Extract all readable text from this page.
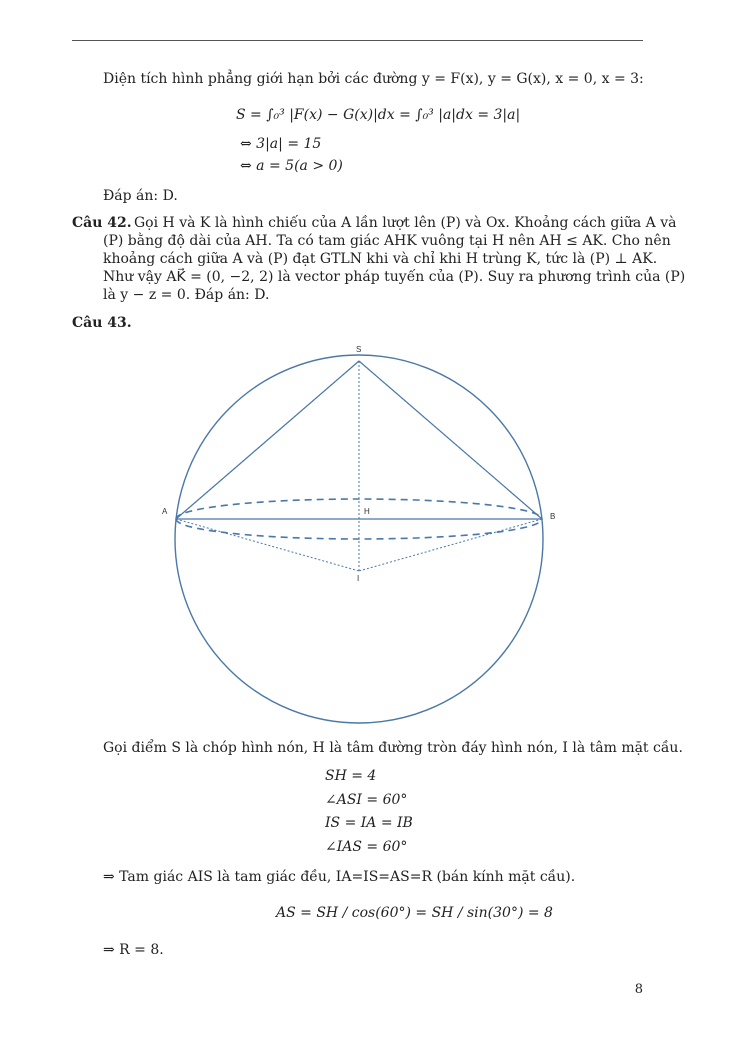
Diện tích hình phẳng giới hạn bởi các đường y = F(x), y = G(x), x = 0, x = 3:
S = ∫₀³ |F(x) − G(x)|dx = ∫₀³ |a|dx = 3|a|
⇔ 3|a| = 15
⇔ a = 5(a > 0)
Đáp án: D.
Câu 42. Gọi H và K là hình chiếu của A lần lượt lên (P) và Ox. Khoảng cách giữa A và
(P) bằng độ dài của AH. Ta có tam giác AHK vuông tại H nên AH ≤ AK. Cho nên
khoảng cách giữa A và (P) đạt GTLN khi và chỉ khi H trùng K, tức là (P) ⊥ AK.
Như vậy AK⃗ = (0, −2, 2) là vector pháp tuyến của (P). Suy ra phương trình của (P)
là y − z = 0. Đáp án: D.
Câu 43.
S
A
B
H
I
Gọi điểm S là chóp hình nón, H là tâm đường tròn đáy hình nón, I là tâm mặt cầu.
SH = 4
∠ASI = 60°
IS = IA = IB
∠IAS = 60°
⇒ Tam giác AIS là tam giác đều, IA=IS=AS=R (bán kính mặt cầu).
AS = SH / cos(60°) = SH / sin(30°) = 8
⇒ R = 8.
8
